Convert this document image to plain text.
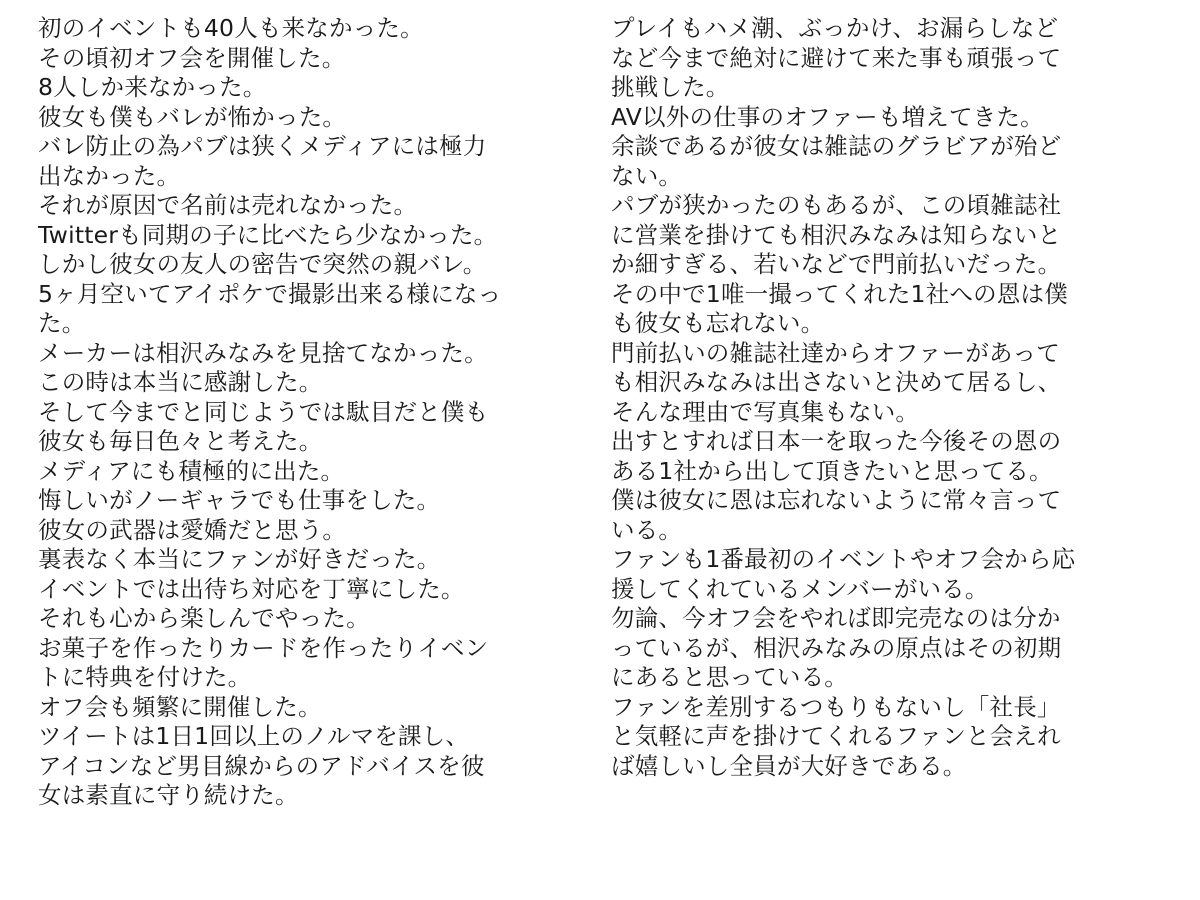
初のイベントも40人も来なかった。
その頃初オフ会を開催した。
8人しか来なかった。
彼女も僕もバレが怖かった。
バレ防止の為パブは狭くメディアには極力
出なかった。
それが原因で名前は売れなかった。
Twitterも同期の子に比べたら少なかった。
しかし彼女の友人の密告で突然の親バレ。
5ヶ月空いてアイポケで撮影出来る様になっ
た。
メーカーは相沢みなみを見捨てなかった。
この時は本当に感謝した。
そして今までと同じようでは駄目だと僕も
彼女も毎日色々と考えた。
メディアにも積極的に出た。
悔しいがノーギャラでも仕事をした。
彼女の武器は愛嬌だと思う。
裏表なく本当にファンが好きだった。
イベントでは出待ち対応を丁寧にした。
それも心から楽しんでやった。
お菓子を作ったりカードを作ったりイベン
トに特典を付けた。
オフ会も頻繁に開催した。
ツイートは1日1回以上のノルマを課し、
アイコンなど男目線からのアドバイスを彼
女は素直に守り続けた。
プレイもハメ潮、ぶっかけ、お漏らしなど
など今まで絶対に避けて来た事も頑張って
挑戦した。
AV以外の仕事のオファーも増えてきた。
余談であるが彼女は雑誌のグラビアが殆ど
ない。
パブが狭かったのもあるが、この頃雑誌社
に営業を掛けても相沢みなみは知らないと
か細すぎる、若いなどで門前払いだった。
その中で1唯一撮ってくれた1社への恩は僕
も彼女も忘れない。
門前払いの雑誌社達からオファーがあって
も相沢みなみは出さないと決めて居るし、
そんな理由で写真集もない。
出すとすれば日本一を取った今後その恩の
ある1社から出して頂きたいと思ってる。
僕は彼女に恩は忘れないように常々言って
いる。
ファンも1番最初のイベントやオフ会から応
援してくれているメンバーがいる。
勿論、今オフ会をやれば即完売なのは分か
っているが、相沢みなみの原点はその初期
にあると思っている。
ファンを差別するつもりもないし「社長」
と気軽に声を掛けてくれるファンと会えれ
ば嬉しいし全員が大好きである。
